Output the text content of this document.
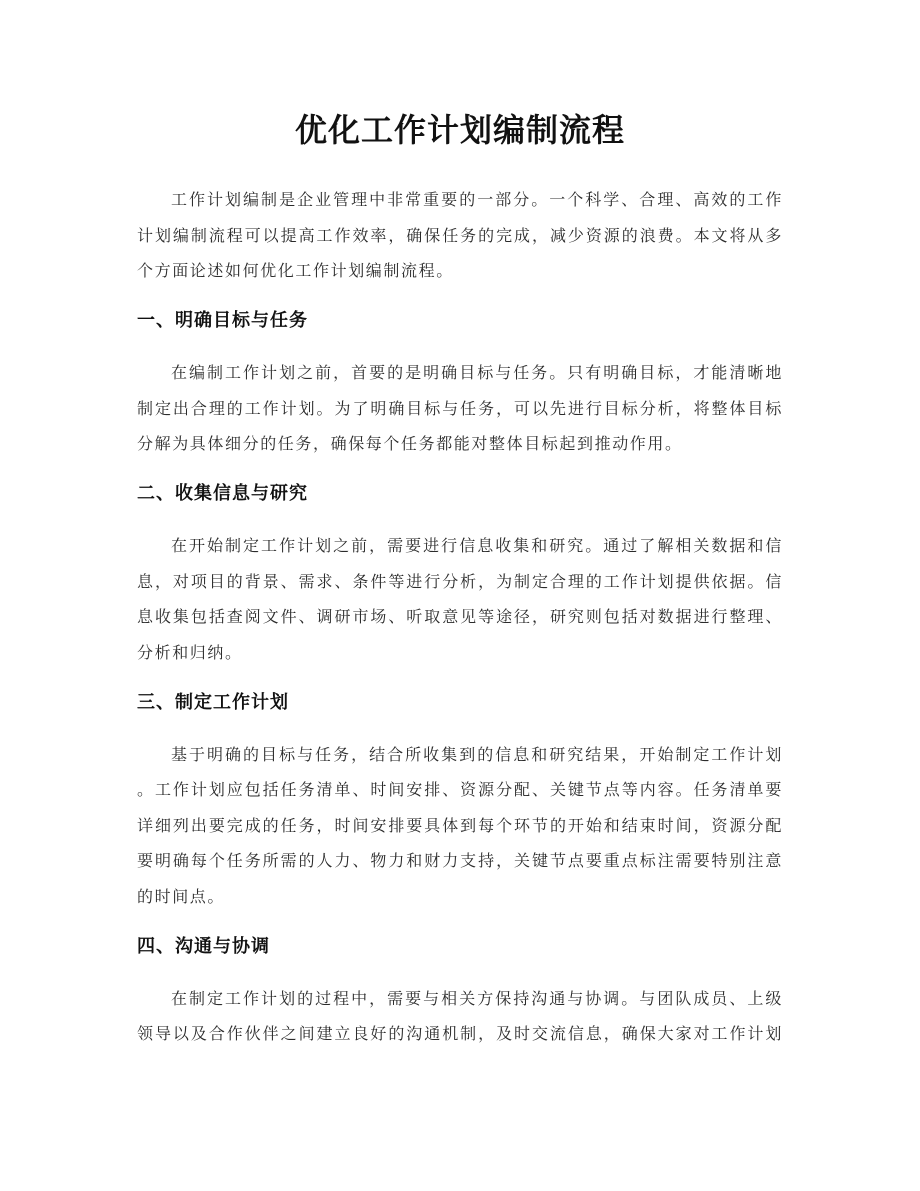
优化工作计划编制流程
工作计划编制是企业管理中非常重要的一部分。一个科学、合理、高效的工作
计划编制流程可以提高工作效率，确保任务的完成，减少资源的浪费。本文将从多
个方面论述如何优化工作计划编制流程。
一、明确目标与任务
在编制工作计划之前，首要的是明确目标与任务。只有明确目标，才能清晰地
制定出合理的工作计划。为了明确目标与任务，可以先进行目标分析，将整体目标
分解为具体细分的任务，确保每个任务都能对整体目标起到推动作用。
二、收集信息与研究
在开始制定工作计划之前，需要进行信息收集和研究。通过了解相关数据和信
息，对项目的背景、需求、条件等进行分析，为制定合理的工作计划提供依据。信
息收集包括查阅文件、调研市场、听取意见等途径，研究则包括对数据进行整理、
分析和归纳。
三、制定工作计划
基于明确的目标与任务，结合所收集到的信息和研究结果，开始制定工作计划
。工作计划应包括任务清单、时间安排、资源分配、关键节点等内容。任务清单要
详细列出要完成的任务，时间安排要具体到每个环节的开始和结束时间，资源分配
要明确每个任务所需的人力、物力和财力支持，关键节点要重点标注需要特别注意
的时间点。
四、沟通与协调
在制定工作计划的过程中，需要与相关方保持沟通与协调。与团队成员、上级
领导以及合作伙伴之间建立良好的沟通机制，及时交流信息，确保大家对工作计划
